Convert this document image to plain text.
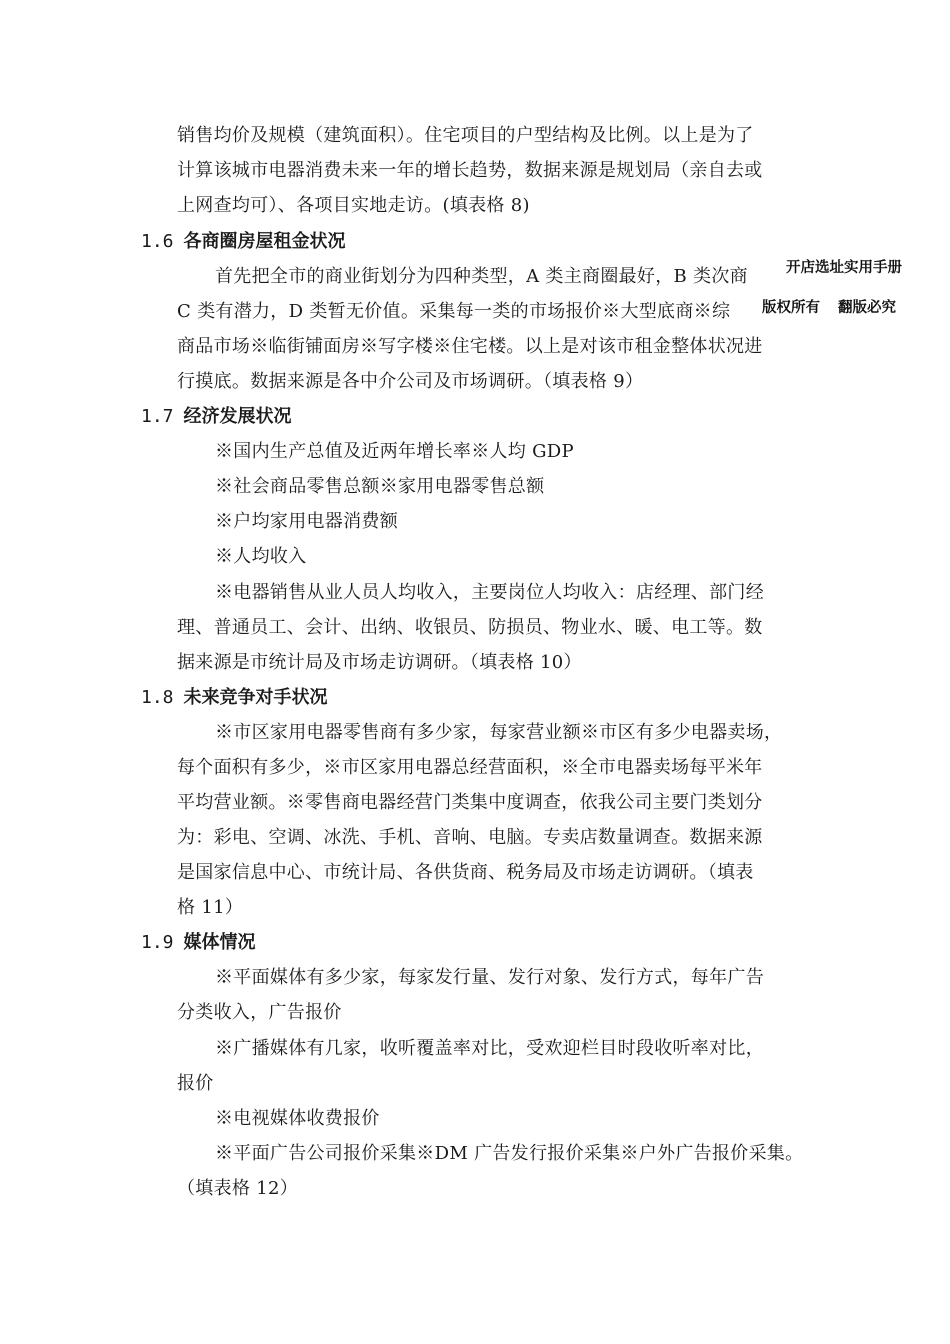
销售均价及规模（建筑面积）。住宅项目的户型结构及比例。以上是为了
计算该城市电器消费未来一年的增长趋势，数据来源是规划局（亲自去或
上网查均可）、各项目实地走访。(填表格 8)
1.6 各商圈房屋租金状况
首先把全市的商业街划分为四种类型，A 类主商圈最好，B 类次商
C 类有潜力，D 类暂无价值。采集每一类的市场报价※大型底商※综
商品市场※临街铺面房※写字楼※住宅楼。以上是对该市租金整体状况进
行摸底。数据来源是各中介公司及市场调研。（填表格 9）
开店选址实用手册
版权所有 翻版必究
1.7 经济发展状况
※国内生产总值及近两年增长率※人均 GDP
※社会商品零售总额※家用电器零售总额
※户均家用电器消费额
※人均收入
※电器销售从业人员人均收入，主要岗位人均收入：店经理、部门经
理、普通员工、会计、出纳、收银员、防损员、物业水、暖、电工等。数
据来源是市统计局及市场走访调研。（填表格 10）
1.8 未来竞争对手状况
※市区家用电器零售商有多少家，每家营业额※市区有多少电器卖场，
每个面积有多少，※市区家用电器总经营面积，※全市电器卖场每平米年
平均营业额。※零售商电器经营门类集中度调查，依我公司主要门类划分
为：彩电、空调、冰洗、手机、音响、电脑。专卖店数量调查。数据来源
是国家信息中心、市统计局、各供货商、税务局及市场走访调研。（填表
格 11）
1.9 媒体情况
※平面媒体有多少家，每家发行量、发行对象、发行方式，每年广告
分类收入，广告报价
※广播媒体有几家，收听覆盖率对比，受欢迎栏目时段收听率对比，
报价
※电视媒体收费报价
※平面广告公司报价采集※DM 广告发行报价采集※户外广告报价采集。
（填表格 12）
